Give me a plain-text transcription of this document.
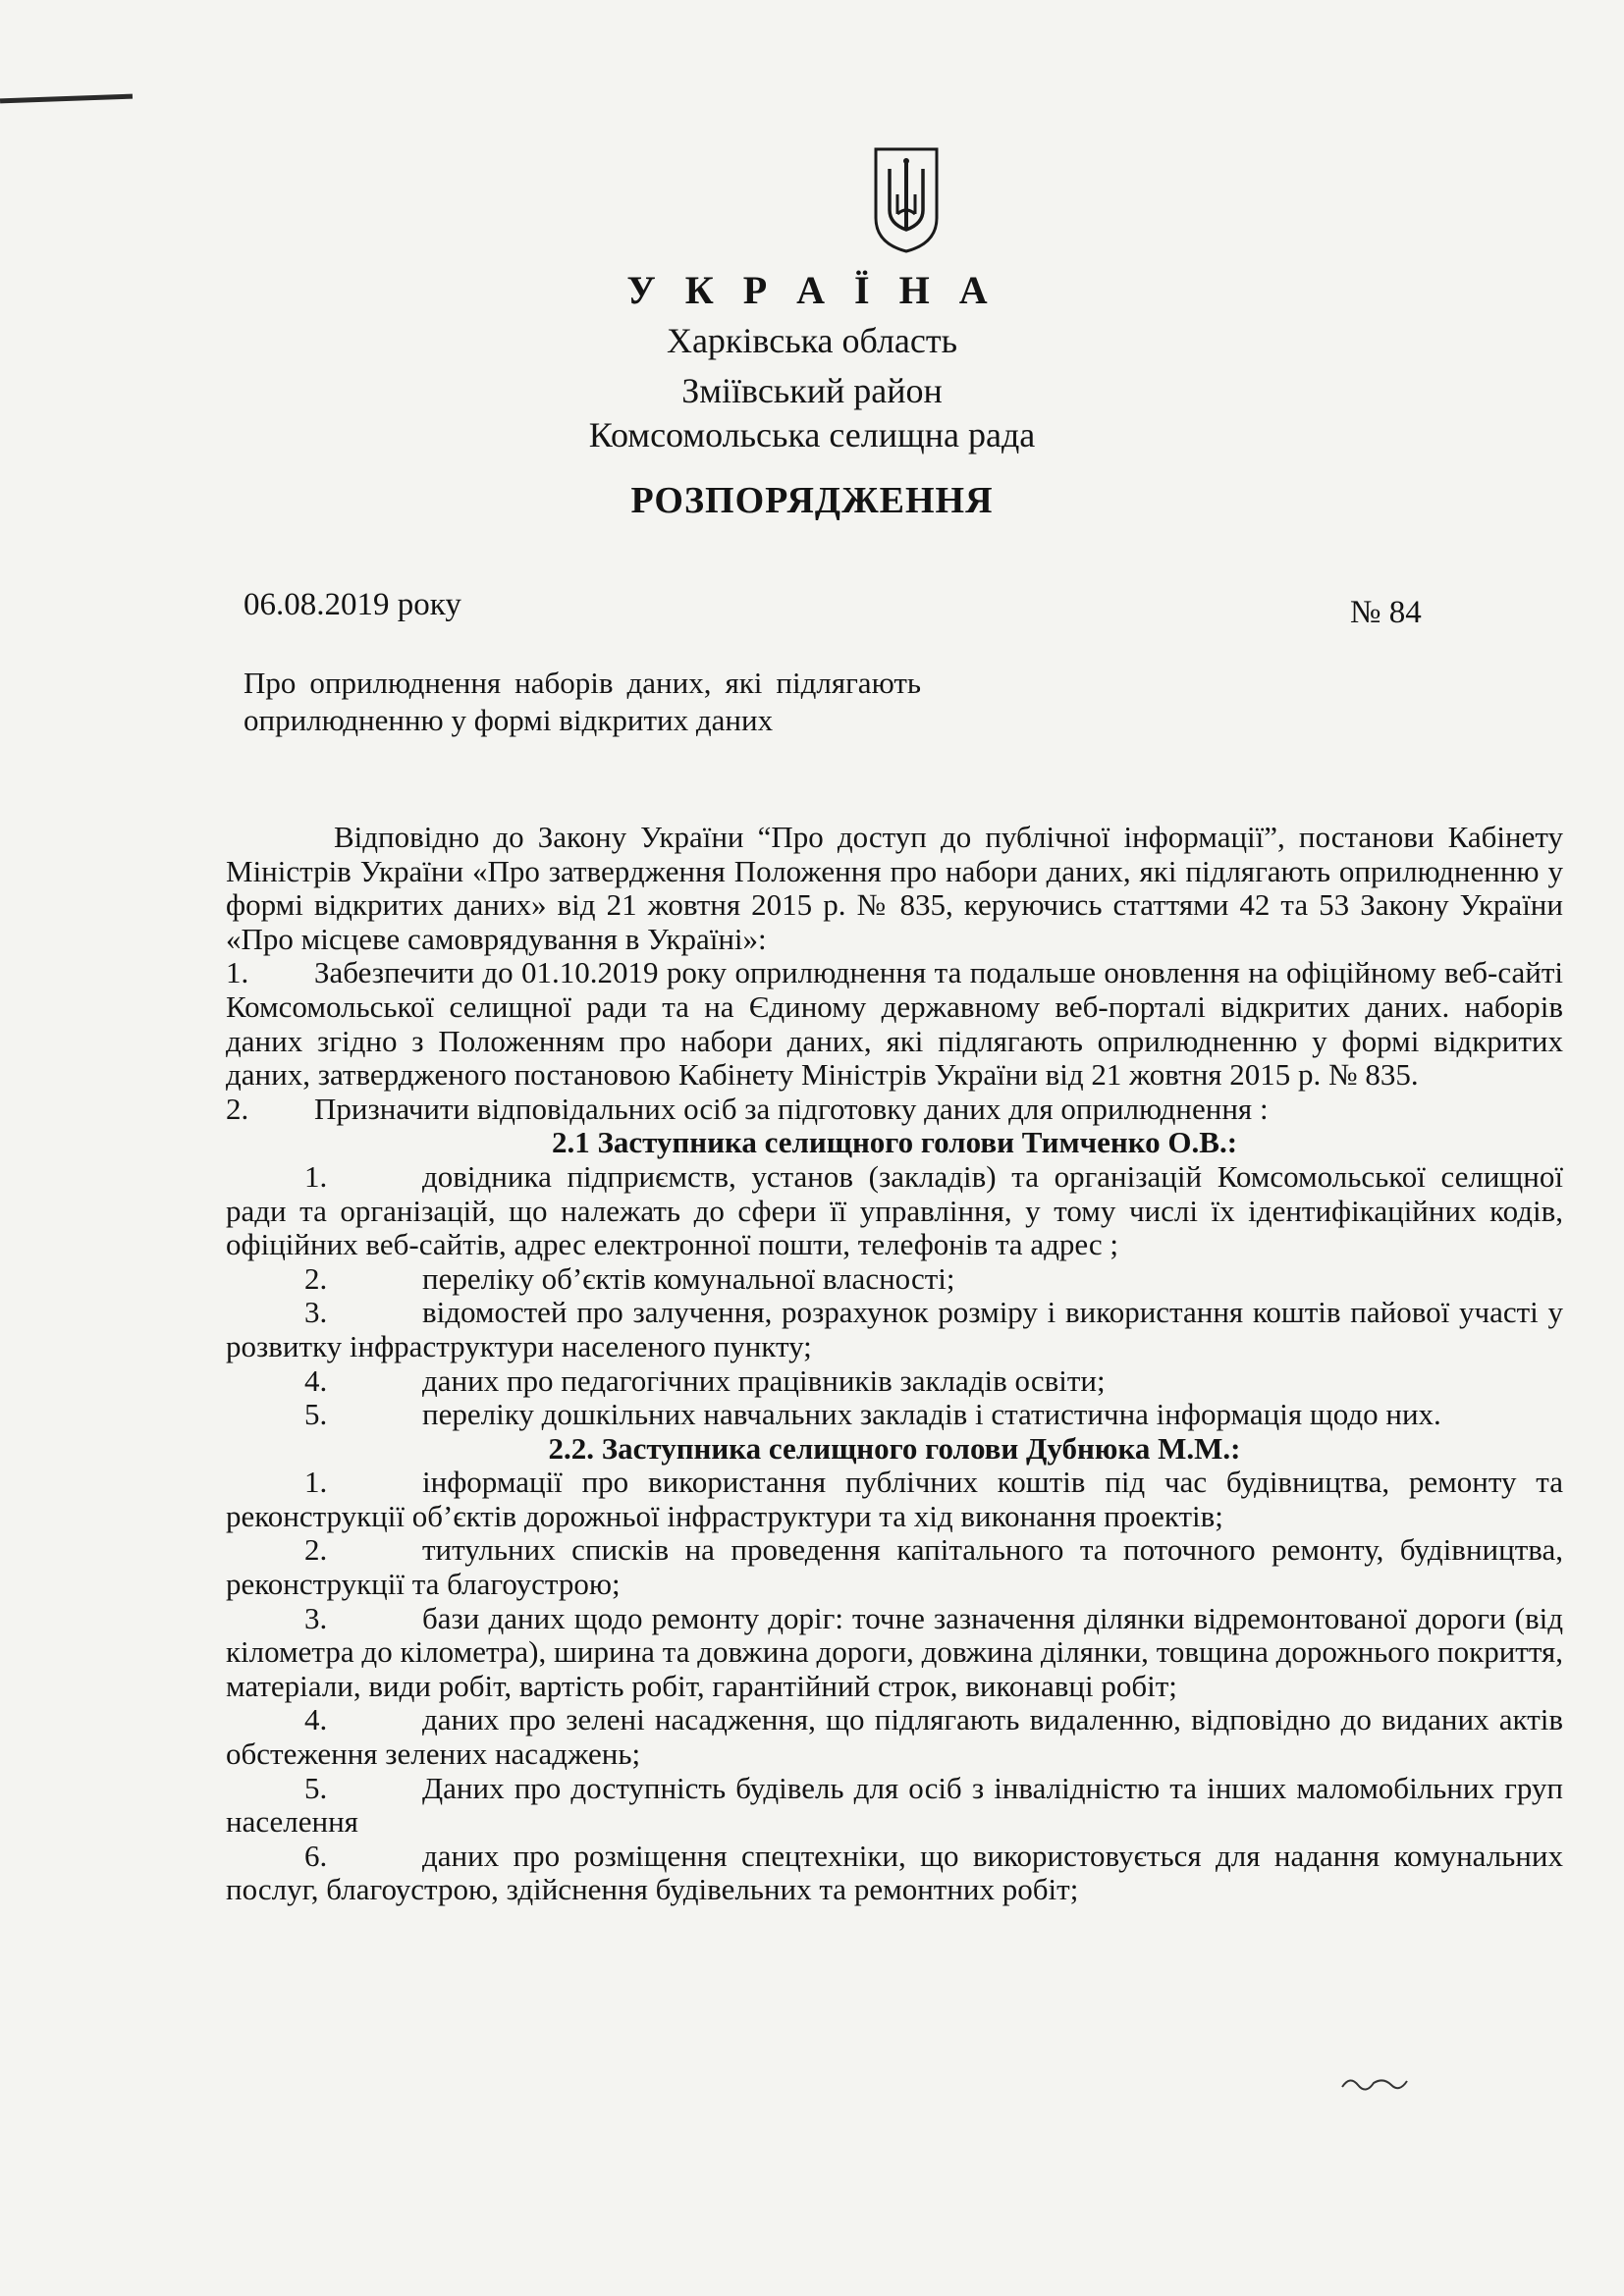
У К Р А Ї Н А
Харківська область
Зміївський район
Комсомольська селищна рада
РОЗПОРЯДЖЕННЯ
06.08.2019 року	№ 84
Про оприлюднення наборів даних, які підлягають оприлюдненню у формі відкритих даних

Відповідно до Закону України “Про доступ до публічної інформації”, постанови Кабінету Міністрів України «Про затвердження Положення про набори даних, які підлягають оприлюдненню у формі відкритих даних» від 21 жовтня 2015 р. № 835, керуючись статтями 42 та 53 Закону України «Про місцеве самоврядування в Україні»:

1. Забезпечити до 01.10.2019 року оприлюднення та подальше оновлення на офіційному веб-сайті Комсомольської селищної ради та на Єдиному державному веб-порталі відкритих даних. наборів даних згідно з Положенням про набори даних, які підлягають оприлюдненню у формі відкритих даних, затвердженого постановою Кабінету Міністрів України від 21 жовтня 2015 р. № 835.

2. Призначити відповідальних осіб за підготовку даних для оприлюднення :

2.1 Заступника селищного голови Тимченко О.В.:

1.	довідника підприємств, установ (закладів) та організацій Комсомольської селищної ради та організацій, що належать до сфери її управління, у тому числі їх ідентифікаційних кодів, офіційних веб-сайтів, адрес електронної пошти, телефонів та адрес ;

2.	переліку об’єктів комунальної власності;

3.	відомостей про залучення, розрахунок розміру і використання коштів пайової участі у розвитку інфраструктури населеного пункту;

4.	даних про педагогічних працівників закладів освіти;

5.	переліку дошкільних навчальних закладів і статистична інформація щодо них.

2.2. Заступника селищного голови Дубнюка М.М.:

1.	інформації про використання публічних коштів під час будівництва, ремонту та реконструкції об’єктів дорожньої інфраструктури та хід виконання проектів;

2.	титульних списків на проведення капітального та поточного ремонту, будівництва, реконструкції та благоустрою;

3.	бази даних щодо ремонту доріг: точне зазначення ділянки відремонтованої дороги (від кілометра до кілометра), ширина та довжина дороги, довжина ділянки, товщина дорожнього покриття, матеріали, види робіт, вартість робіт, гарантійний строк, виконавці робіт;

4.	даних про зелені насадження, що підлягають видаленню, відповідно до виданих актів обстеження зелених насаджень;

5.	Даних про доступність будівель для осіб з інвалідністю та інших маломобільних груп населення

6.	даних про розміщення спецтехніки, що використовується для надання комунальних послуг, благоустрою, здійснення будівельних та ремонтних робіт;
